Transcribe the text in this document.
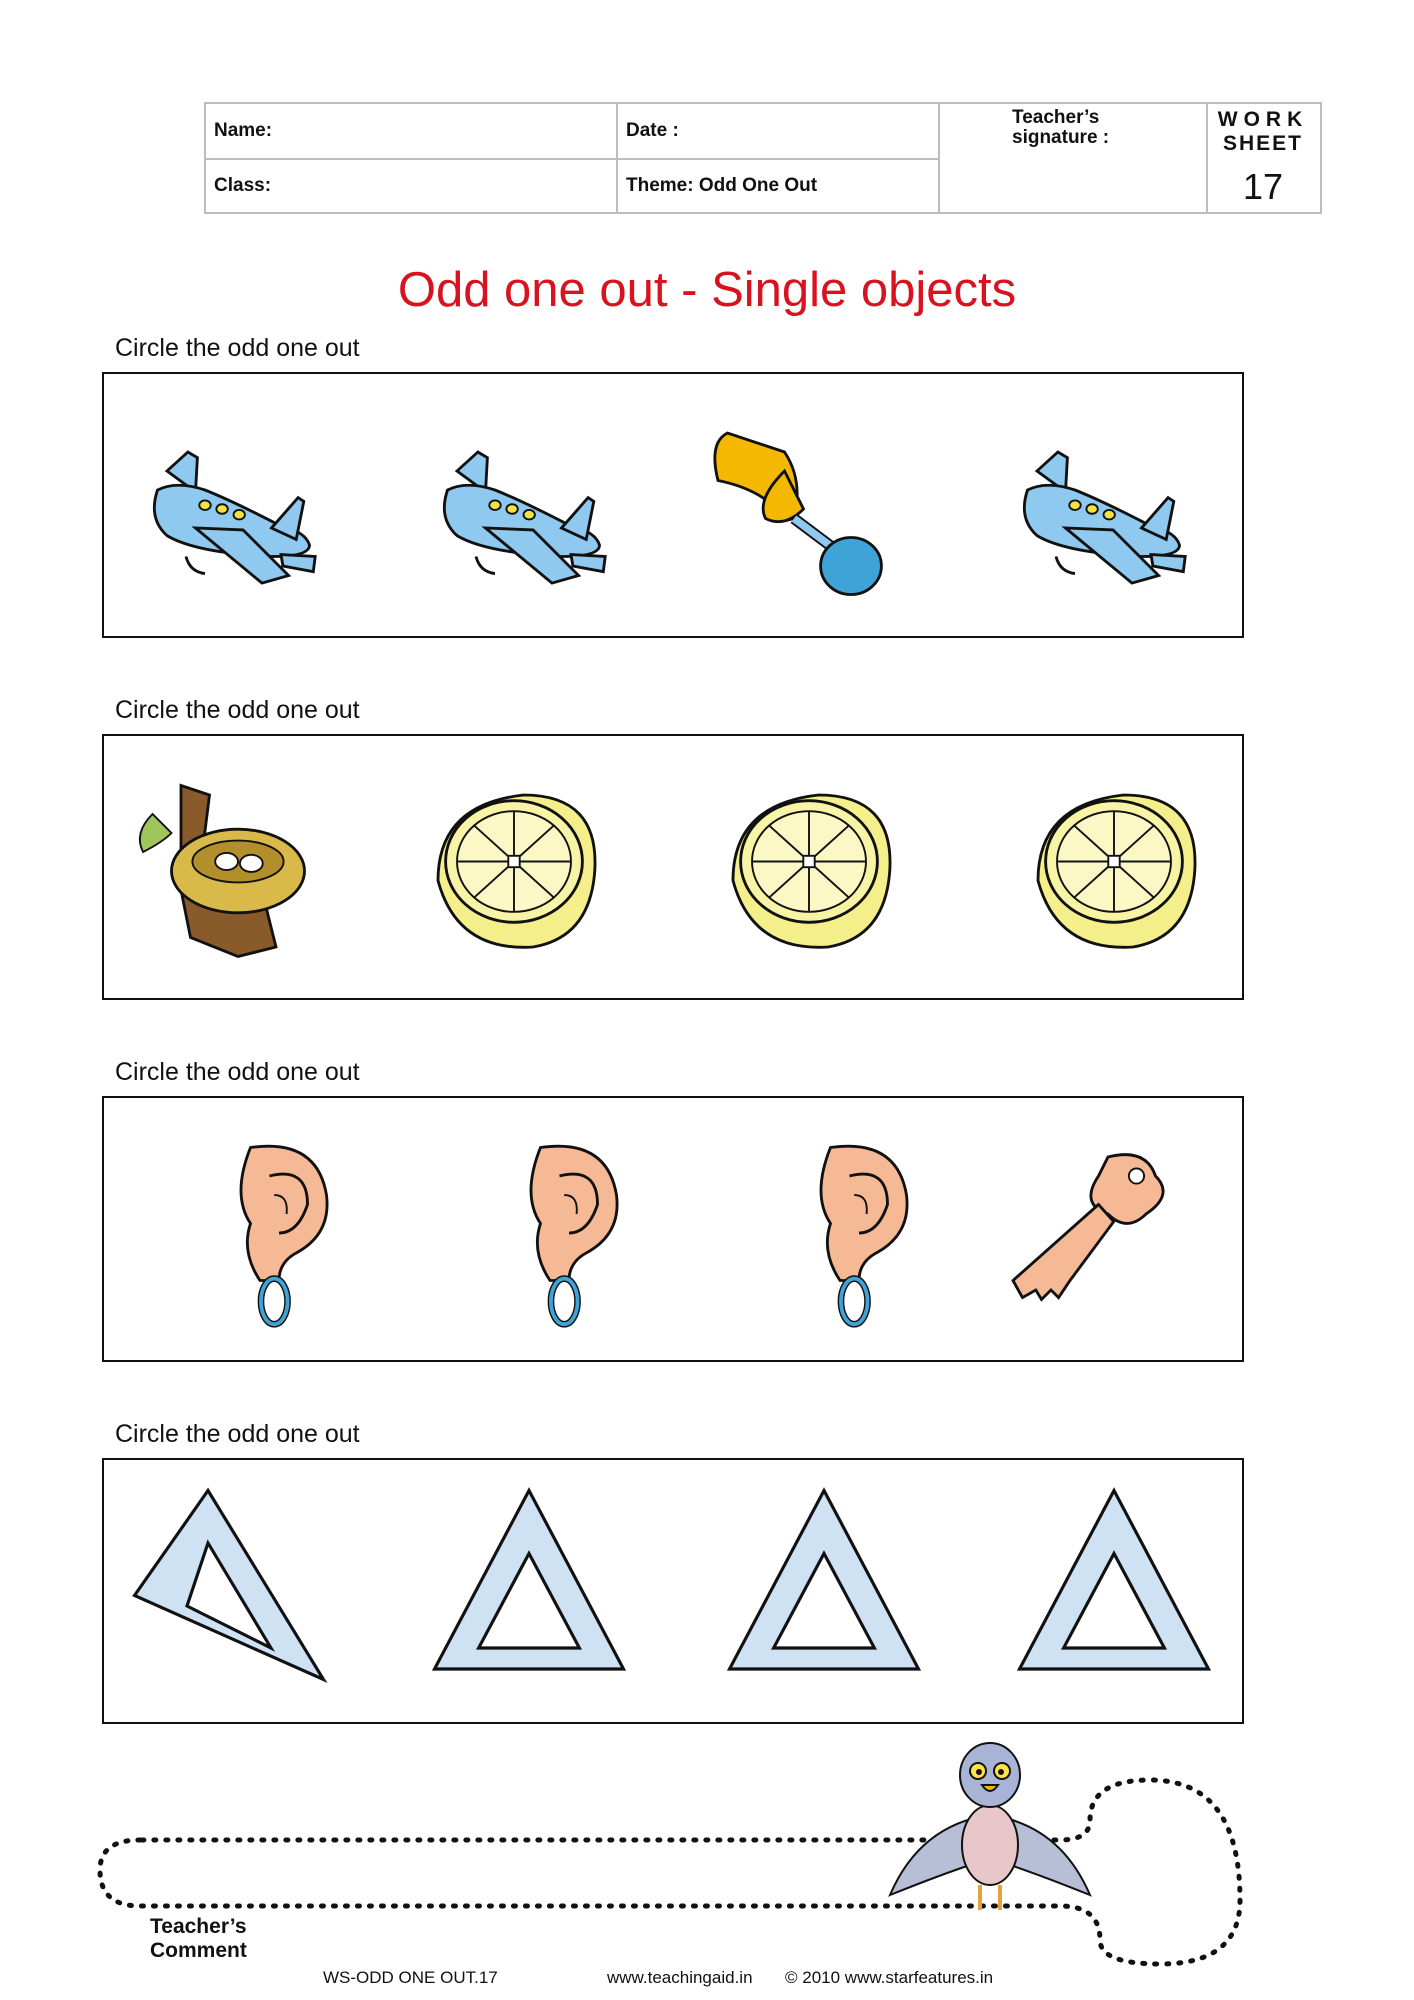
Name:	Date :
Class:	Theme: Odd One Out
Teacher’s
signature :
WORK
SHEET
17
Odd one out - Single objects
Circle the odd one out
Circle the odd one out
Circle the odd one out
Circle the odd one out
Teacher’s
Comment
WS-ODD ONE OUT.17	www.teachingaid.in © 2010 www.starfeatures.in
